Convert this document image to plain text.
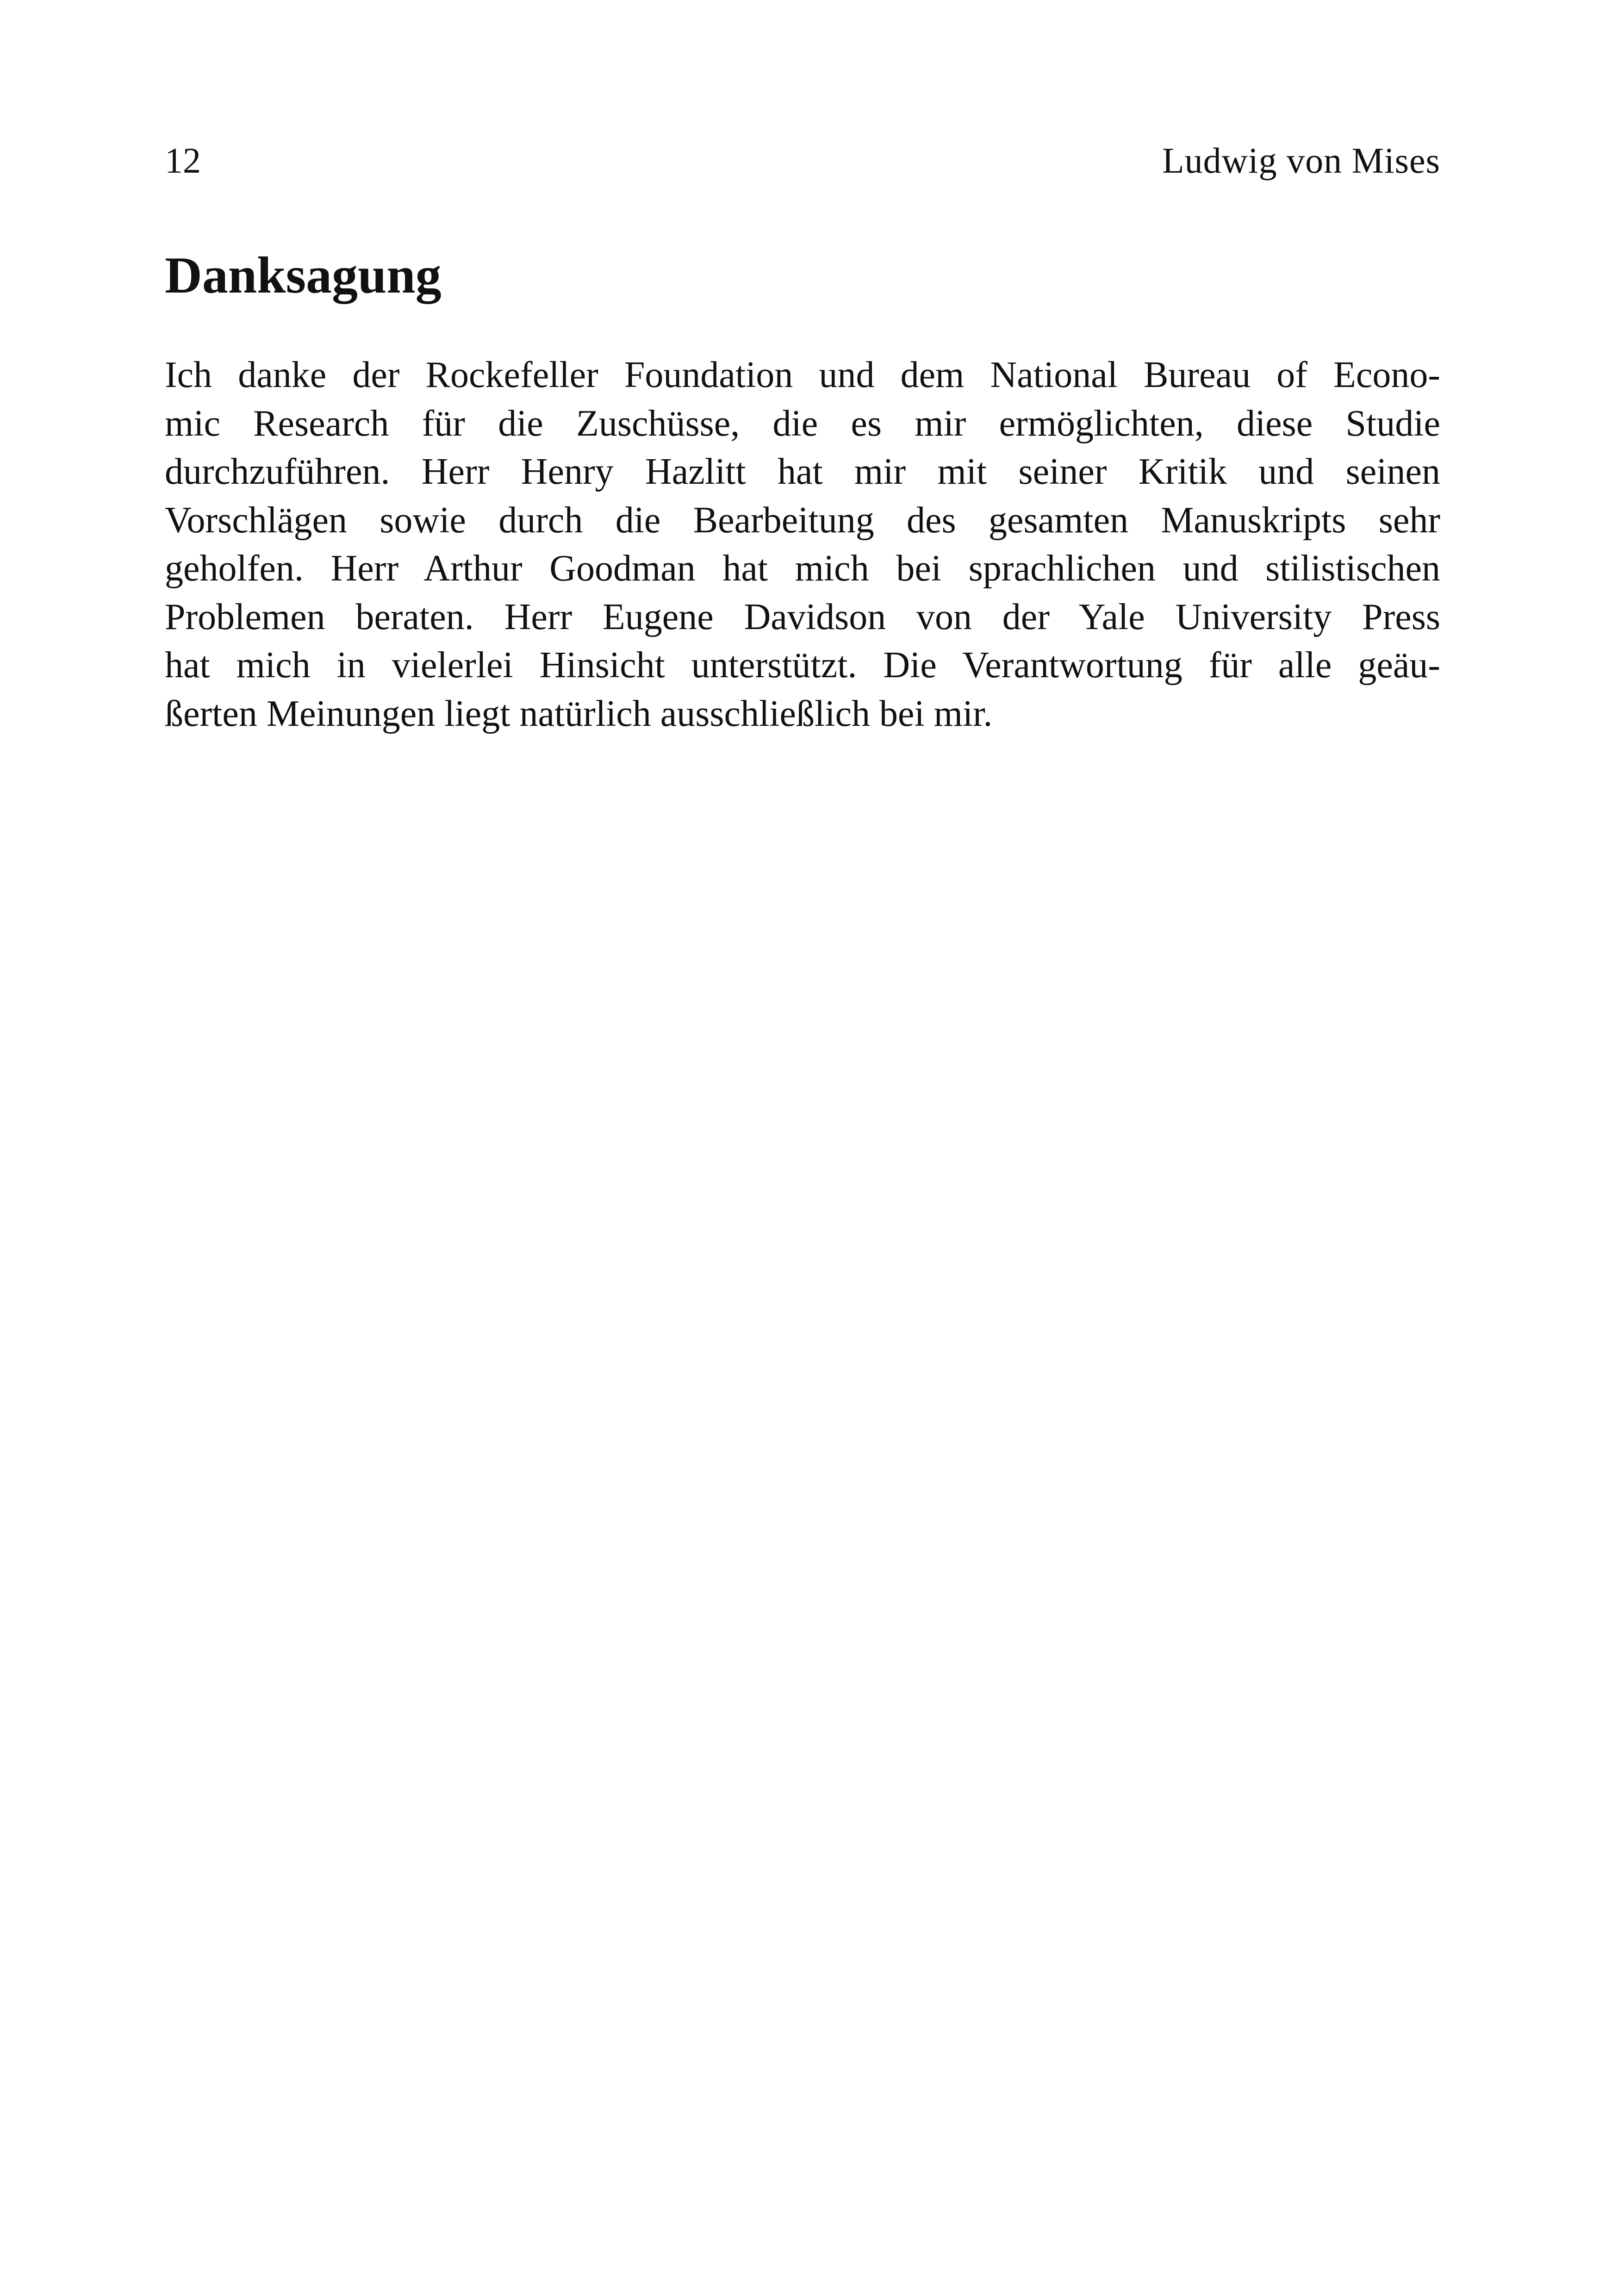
12	Ludwig von Mises
Danksagung

Ich danke der Rockefeller Foundation und dem National Bureau of Econo-
mic Research für die Zuschüsse, die es mir ermöglichten, diese Studie
durchzuführen. Herr Henry Hazlitt hat mir mit seiner Kritik und seinen
Vorschlägen sowie durch die Bearbeitung des gesamten Manuskripts sehr
geholfen. Herr Arthur Goodman hat mich bei sprachlichen und stilistischen
Problemen beraten. Herr Eugene Davidson von der Yale University Press
hat mich in vielerlei Hinsicht unterstützt. Die Verantwortung für alle geäu-
ßerten Meinungen liegt natürlich ausschließlich bei mir.
